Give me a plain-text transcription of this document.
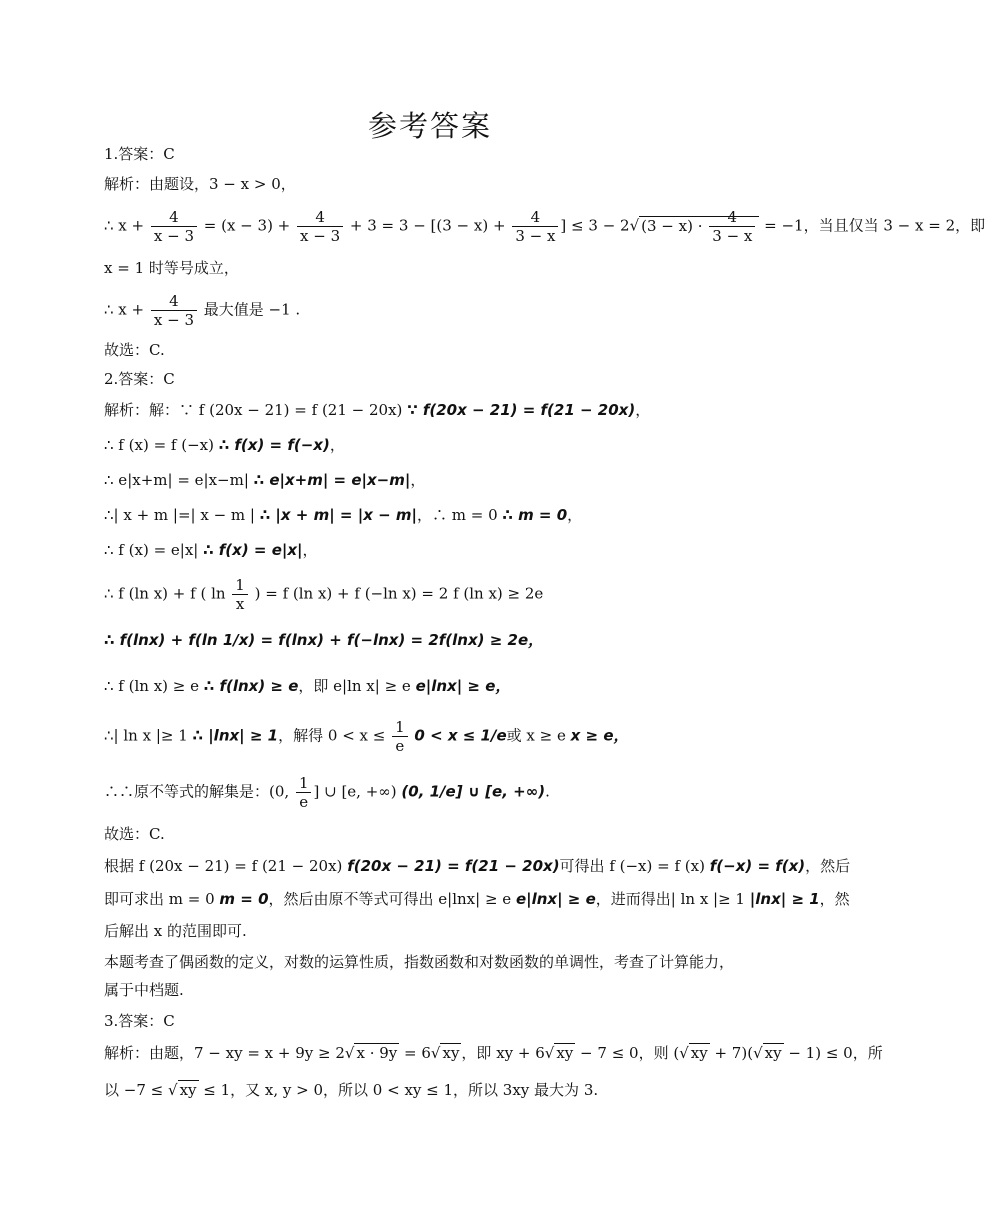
参考答案
1.答案：C
解析：由题设，3 − x > 0，
∴ $x + \frac{4}{x - 3} = (x - 3) + \frac{4}{x - 3} + 3 = 3 - [(3 - x) + \frac{4}{3 - x}$ ] ≤ 3 − 2√ $(3 - x) \cdot \frac{4}{3 - x} = -1$，当且仅当 3 − x = 2，即
x = 1 时等号成立，
∴ $x + \frac{4}{x - 3}$ 最大值是 −1 .
故选：C.
2.答案：C
解析：解：∵ f (20x − 21) = f (21 − 20x) ∵ f(20x − 21) = f(21 − 20x)，
∴ f (x) = f (−x) ∴ f(x) = f(−x)，
∴ e|x+m| = e|x−m| ∴ e|x+m| = e|x−m|，
∴| x + m |=| x − m | ∴ |x + m| = |x − m|，∴ m = 0 ∴ m = 0，
∴ f (x) = e|x| ∴ f(x) = e|x|，
∴ f (ln x) + f ( $\ln \frac{1}{x}$ ) = f (ln x) + f (−ln x) = 2 f (ln x) ≥ 2e
∴ f(lnx) + f(ln 1/x) = f(lnx) + f(−lnx) = 2f(lnx) ≥ 2e，
∴ f (ln x) ≥ e ∴ f(lnx) ≥ e，即 e|ln x| ≥ e e|lnx| ≥ e，
∴| ln x |≥ 1 ∴ |lnx| ≥ 1，解得 $0 < x \le \frac{1}{e} 0 < x \le 1/e$或 x ≥ e x ≥ e，
∴∴原不等式的解集是：(0, $\frac{1}{e}$ ] ∪ [e, +∞) (0, 1/e] ∪ [e, +∞).
故选：C.
根据 f (20x − 21) = f (21 − 20x) f(20x − 21) = f(21 − 20x)可得出 f (−x) = f (x) f(−x) = f(x)，然后
即可求出 m = 0 m = 0，然后由原不等式可得出 e|lnx| ≥ e e|lnx| ≥ e，进而得出| ln x |≥ 1 |lnx| ≥ 1，然
后解出 x 的范围即可.
本题考查了偶函数的定义，对数的运算性质，指数函数和对数函数的单调性，考查了计算能力，
属于中档题.
3.答案：C
解析：由题，7 − xy = x + 9y ≥ 2√ x · 9y = 6√ xy ，即 xy + 6√ xy − 7 ≤ 0，则 (√ xy + 7)(√ xy − 1) ≤ 0，所
以 −7 ≤ √ xy ≤ 1，又 x, y > 0，所以 0 < xy ≤ 1，所以 3xy 最大为 3.
